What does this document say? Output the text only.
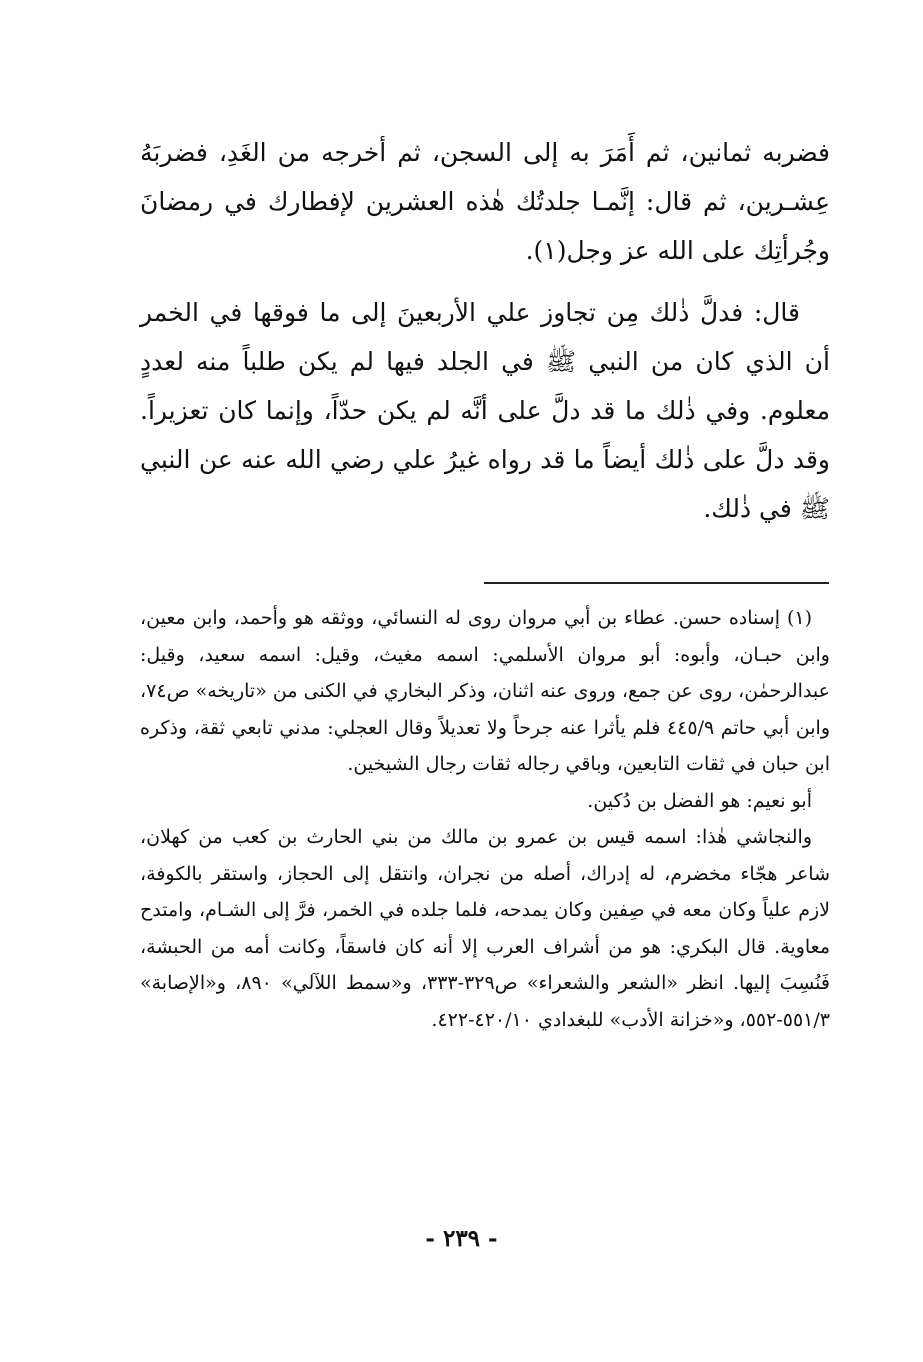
فضربه ثمانين، ثم أَمَرَ به إلى السجن، ثم أخرجه من الغَدِ، فضربَهُ عِشـرين، ثم قال: إنَّمـا جلدتُك هٰذه العشرين لإفطارك في رمضانَ وجُرأتِك على الله عز وجل(١).

قال: فدلَّ ذٰلك مِن تجاوز علي الأربعينَ إلى ما فوقها في الخمر أن الذي كان من النبي ﷺ في الجلد فيها لم يكن طلباً منه لعددٍ معلوم. وفي ذٰلك ما قد دلَّ على أنَّه لم يكن حدّاً، وإنما كان تعزيراً. وقد دلَّ على ذٰلك أيضاً ما قد رواه غيرُ علي رضي الله عنه عن النبي ﷺ في ذٰلك.

(١) إسناده حسن. عطاء بن أبي مروان روى له النسائي، ووثقه هو وأحمد، وابن معين، وابن حبـان، وأبوه: أبو مروان الأسلمي: اسمه مغيث، وقيل: اسمه سعيد، وقيل: عبدالرحمٰن، روى عن جمع، وروى عنه اثنان، وذكر البخاري في الكنى من «تاريخه» ص٧٤، وابن أبي حاتم ٩/‏٤٤٥ فلم يأثرا عنه جرحاً ولا تعديلاً وقال العجلي: مدني تابعي ثقة، وذكره ابن حبان في ثقات التابعين، وباقي رجاله ثقات رجال الشيخين.

أبو نعيم: هو الفضل بن دُكين.

والنجاشي هٰذا: اسمه قيس بن عمرو بن مالك من بني الحارث بن كعب من كهلان، شاعر هجّاء مخضرم، له إدراك، أصله من نجران، وانتقل إلى الحجاز، واستقر بالكوفة، لازم علياً وكان معه في صِفين وكان يمدحه، فلما جلده في الخمر، فرَّ إلى الشـام، وامتدح معاوية. قال البكري: هو من أشراف العرب إلا أنه كان فاسقاً، وكانت أمه من الحبشة، فَنُسِبَ إليها. انظر «الشعر والشعراء» ص٣٢٩-٣٣٣، و«سمط اللآلي» ٨٩٠، و«الإصابة» ٣/‏٥٥١-٥٥٢، و«خزانة الأدب» للبغدادي ١٠/‏٤٢٠-٤٢٢.

- ٢٣٩ -
